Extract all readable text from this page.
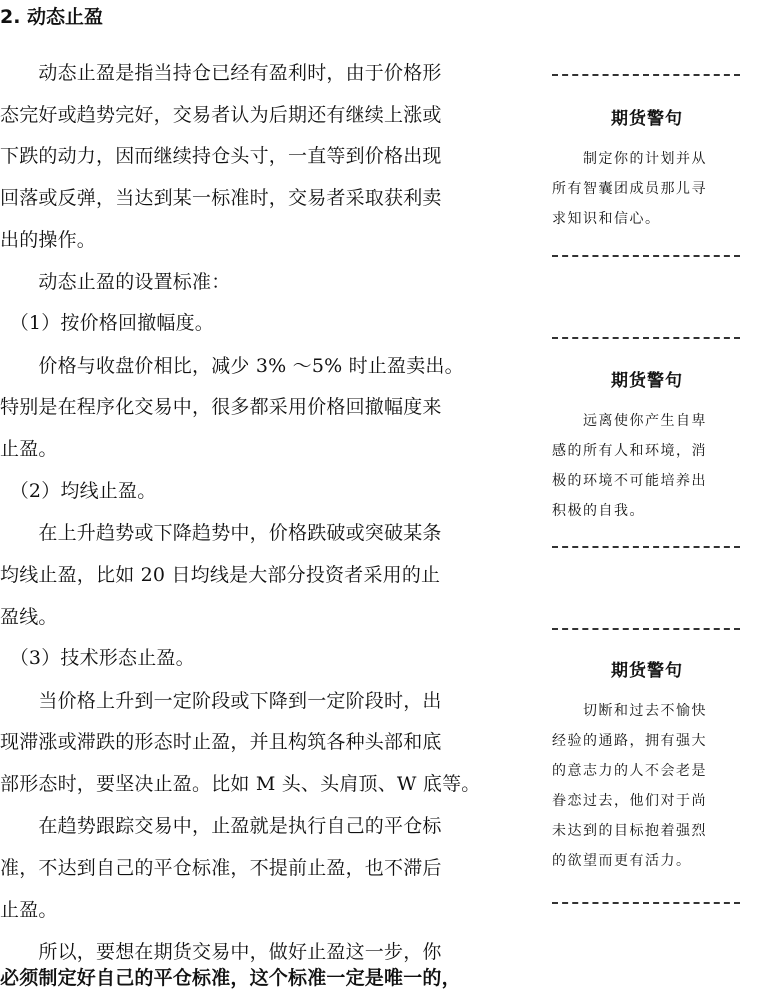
2. 动态止盈
　　动态止盈是指当持仓已经有盈利时，由于价格形
态完好或趋势完好，交易者认为后期还有继续上涨或
下跌的动力，因而继续持仓头寸，一直等到价格出现
回落或反弹，当达到某一标准时，交易者采取获利卖
出的操作。
　　动态止盈的设置标准：
　（1）按价格回撤幅度。
　　价格与收盘价相比，减少 3% ～5% 时止盈卖出。
特别是在程序化交易中，很多都采用价格回撤幅度来
止盈。
　（2）均线止盈。
　　在上升趋势或下降趋势中，价格跌破或突破某条
均线止盈，比如 20 日均线是大部分投资者采用的止
盈线。
　（3）技术形态止盈。
　　当价格上升到一定阶段或下降到一定阶段时，出
现滞涨或滞跌的形态时止盈，并且构筑各种头部和底
部形态时，要坚决止盈。比如 M 头、头肩顶、W 底等。
　　在趋势跟踪交易中，止盈就是执行自己的平仓标
准，不达到自己的平仓标准，不提前止盈，也不滞后
止盈。
　　所以，要想在期货交易中，做好止盈这一步，你
必须制定好自己的平仓标准，这个标准一定是唯一的，
期货警句
　　制定你的计划并从
所有智囊团成员那儿寻
求知识和信心。
期货警句
　　远离使你产生自卑
感的所有人和环境，消
极的环境不可能培养出
积极的自我。
期货警句
　　切断和过去不愉快
经验的通路，拥有强大
的意志力的人不会老是
眷恋过去，他们对于尚
未达到的目标抱着强烈
的欲望而更有活力。
